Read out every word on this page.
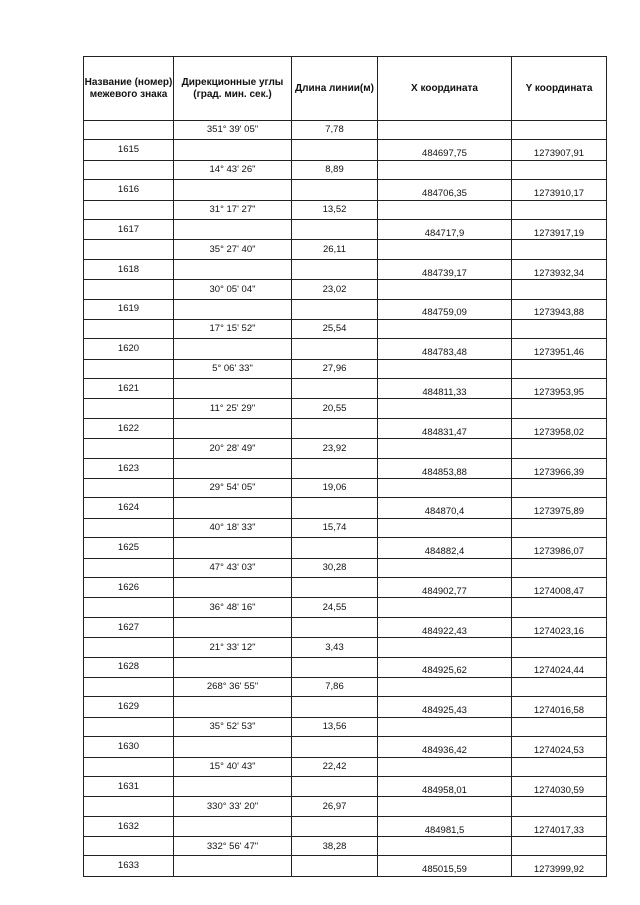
Название (номер) межевого знака	Дирекционные углы (град. мин. сек.)	Длина линии(м)	X координата	Y координата
	351° 39' 05"	7,78		
1615			484697,75	1273907,91
	14° 43' 26"	8,89		
1616			484706,35	1273910,17
	31° 17' 27"	13,52		
1617			484717,9	1273917,19
	35° 27' 40"	26,11		
1618			484739,17	1273932,34
	30° 05' 04"	23,02		
1619			484759,09	1273943,88
	17° 15' 52"	25,54		
1620			484783,48	1273951,46
	5° 06' 33"	27,96		
1621			484811,33	1273953,95
	11° 25' 29"	20,55		
1622			484831,47	1273958,02
	20° 28' 49"	23,92		
1623			484853,88	1273966,39
	29° 54' 05"	19,06		
1624			484870,4	1273975,89
	40° 18' 33"	15,74		
1625			484882,4	1273986,07
	47° 43' 03"	30,28		
1626			484902,77	1274008,47
	36° 48' 16"	24,55		
1627			484922,43	1274023,16
	21° 33' 12"	3,43		
1628			484925,62	1274024,44
	268° 36' 55"	7,86		
1629			484925,43	1274016,58
	35° 52' 53"	13,56		
1630			484936,42	1274024,53
	15° 40' 43"	22,42		
1631			484958,01	1274030,59
	330° 33' 20"	26,97		
1632			484981,5	1274017,33
	332° 56' 47"	38,28		
1633			485015,59	1273999,92
